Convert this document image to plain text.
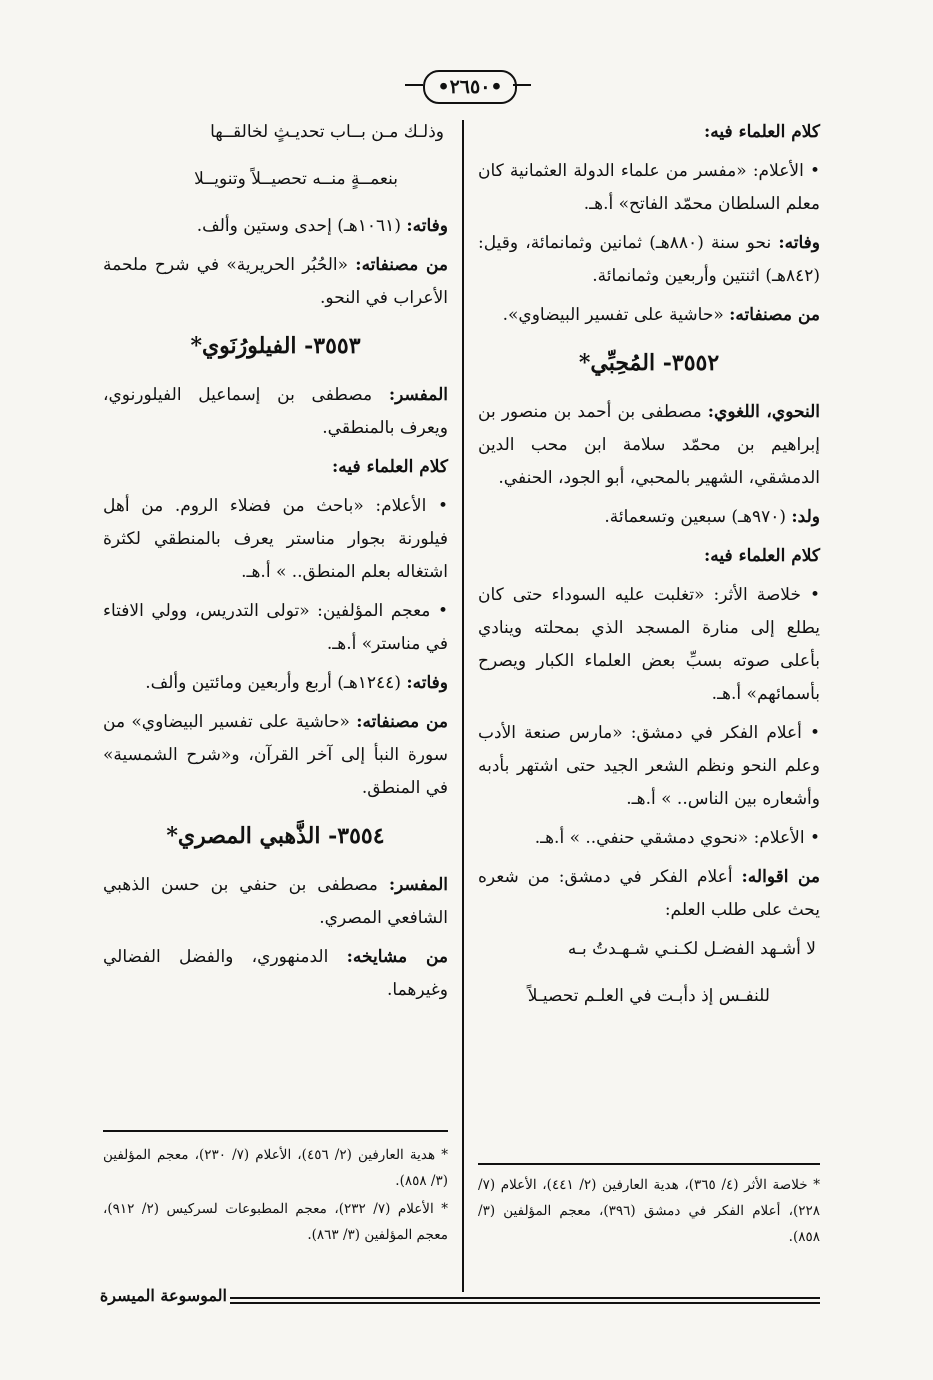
•٢٦٥٠•

كلام العلماء فيه:

• الأعلام: «مفسر من علماء الدولة العثمانية كان معلم السلطان محمّد الفاتح» أ.هـ.

وفاته: نحو سنة (٨٨٠هـ) ثمانين وثمانمائة، وقيل: (٨٤٢هـ) اثنتين وأربعين وثمانمائة.

من مصنفاته: «حاشية على تفسير البيضاوي».

٣٥٥٢- المُحِبِّي*

النحوي، اللغوي: مصطفى بن أحمد بن منصور بن إبراهيم بن محمّد سلامة ابن محب الدين الدمشقي، الشهير بالمحبي، أبو الجود، الحنفي.

ولد: (٩٧٠هـ) سبعين وتسعمائة.

كلام العلماء فيه:

• خلاصة الأثر: «تغلبت عليه السوداء حتى كان يطلع إلى منارة المسجد الذي بمحلته وينادي بأعلى صوته بسبِّ بعض العلماء الكبار ويصرح بأسمائهم» أ.هـ.

• أعلام الفكر في دمشق: «مارس صنعة الأدب وعلم النحو ونظم الشعر الجيد حتى اشتهر بأدبه وأشعاره بين الناس.. » أ.هـ.

• الأعلام: «نحوي دمشقي حنفي.. » أ.هـ.

من اقواله: أعلام الفكر في دمشق: من شعره يحث على طلب العلم:

لا أشـهد الفضـل لكـنـي شـهـدتُ بـه
للنفـس إذ دأبـت في العلـم تحصيـلاً
وذلـك مـن بــاب تحديـثٍ لخالقــها
بنعمــةٍ منــه تحصيــلاً وتنويــلا

وفاته: (١٠٦١هـ) إحدى وستين وألف.

من مصنفاته: «الحُبُر الحريرية» في شرح ملحمة الأعراب في النحو.

٣٥٥٣- الفيلورُنَوي*

المفسر: مصطفى بن إسماعيل الفيلورنوي، ويعرف بالمنطقي.

كلام العلماء فيه:

• الأعلام: «باحث من فضلاء الروم. من أهل فيلورنة بجوار مناستر يعرف بالمنطقي لكثرة اشتغاله بعلم المنطق.. » أ.هـ.

• معجم المؤلفين: «تولى التدريس، وولي الافتاء في مناستر» أ.هـ.

وفاته: (١٢٤٤هـ) أربع وأربعين ومائتين وألف.

من مصنفاته: «حاشية على تفسير البيضاوي» من سورة النبأ إلى آخر القرآن، و«شرح الشمسية» في المنطق.

٣٥٥٤- الذَّهبي المصري*

المفسر: مصطفى بن حنفي بن حسن الذهبي الشافعي المصري.

من مشايخه: الدمنهوري، والفضل الفضالي وغيرهما.

* خلاصة الأثر (٤/ ٣٦٥)، هدية العارفين (٢/ ٤٤١)، الأعلام (٧/ ٢٢٨)، أعلام الفكر في دمشق (٣٩٦)، معجم المؤلفين (٣/ ٨٥٨).

* هدية العارفين (٢/ ٤٥٦)، الأعلام (٧/ ٢٣٠)، معجم المؤلفين (٣/ ٨٥٨).

* الأعلام (٧/ ٢٣٢)، معجم المطبوعات لسركيس (٢/ ٩١٢)، معجم المؤلفين (٣/ ٨٦٣).

الموسوعة الميسرة
